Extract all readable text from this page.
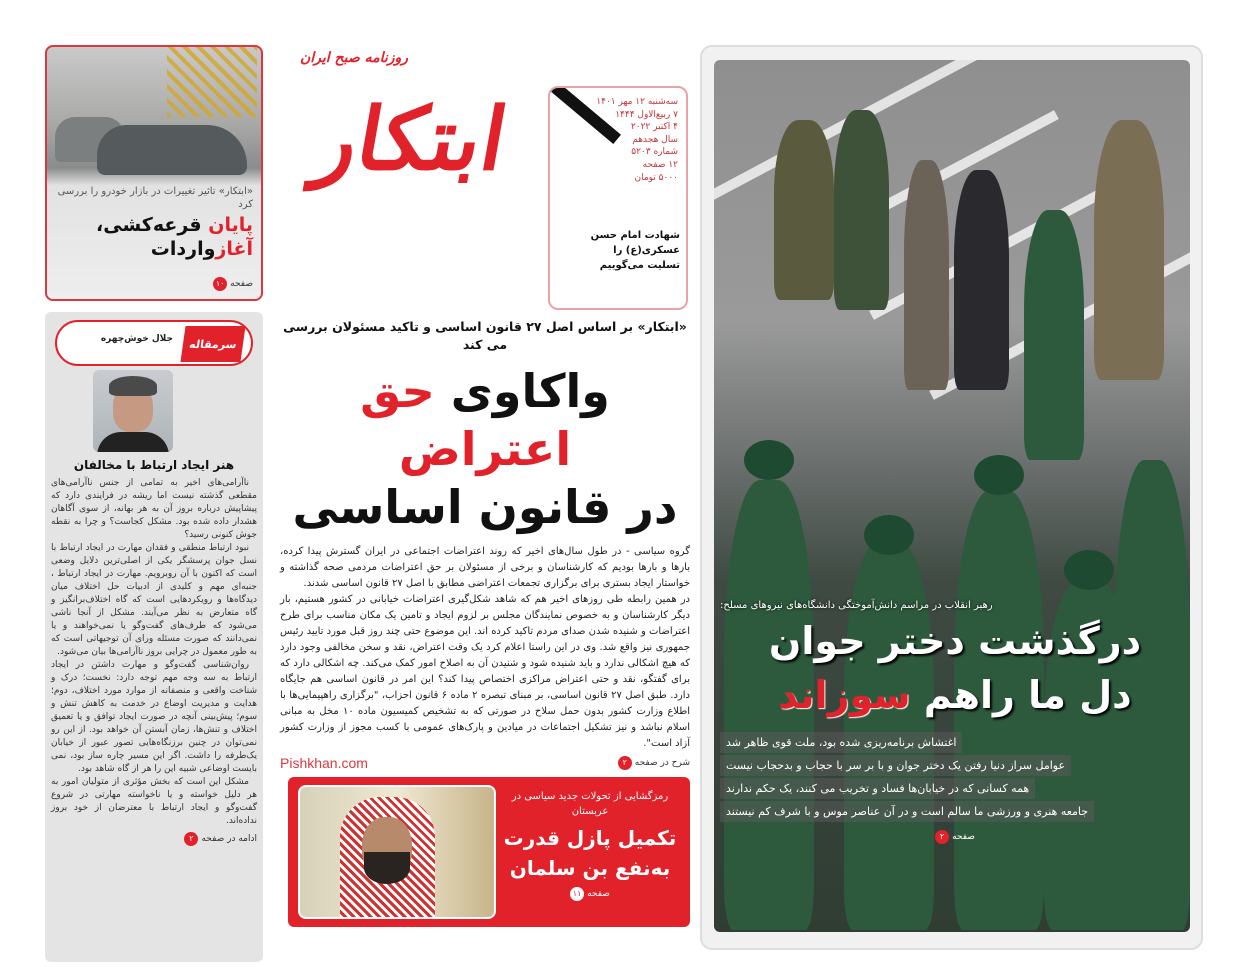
«ابتکار» تاثیر تغییرات در بازار خودرو را بررسی کرد
پایان قرعه‌کشی، آغازواردات
صفحه
۱۰
سرمقاله
جلال خوش‌چهره
هنر ایجاد ارتباط با مخالفان

ناآرامی‌های اخیر به تمامی از جنس ناآرامی‌های مقطعی گذشته نیست اما ریشه در فرایندی دارد که پیشاپیش درباره بروز آن به هر بهانه، از سوی آگاهان هشدار داده شده بود. مشکل کجاست؟ و چرا به نقطه جوش کنونی رسید؟

نبود ارتباط منطقی و فقدان مهارت در ایجاد ارتباط با نسل جوان پرسشگر یکی از اصلی‌ترین دلایل وضعی است که اکنون با آن روبرو‌یم. مهارت در ایجاد ارتباط ، جنبه‌ای مهم و کلیدی از ادبیات حل اختلاف میان دیدگاه‌ها و رویکردهایی است که گاه اختلاف‌برانگیز و گاه متعارض به نظر می‌آیند. مشکل از آنجا ناشی می‌شود که طرف‌های گفت‌وگو یا نمی‌خواهند و یا نمی‌دانند که صورت مسئله ورای آن توجیهاتی است که به طور معمول در چرایی بروز ناآرامی‌ها بیان می‌شود.

روان‌شناسی گفت‌وگو و مهارت داشتن در ایجاد ارتباط به سه وجه مهم توجه دارد: نخست؛ درک و شناخت واقعی و منصفانه از موارد مورد اختلاف، دوم؛ هدایت و مدیریت اوضاع در خدمت به کاهش تنش و سوم؛ پیش‌بینی آنچه در صورت ایجاد توافق و یا تعمیق اختلاف و تنش‌ها، زمان آبستن آن خواهد بود. از این رو نمی‌توان در چنین برزنگاه‌هایی تصور عبور از خیابان یک‌طرفه را داشت. اگر این مسیر چاره ساز بود، نمی بایست اوضاعی شبیه این را هر از گاه شاهد بود.

مشکل این است که بخش مؤثری از متولیان امور به هر دلیل خواسته و یا ناخواسته مهارتی در شروع گفت‌وگو و ایجاد ارتباط با معترضان از خود بروز نداده‌اند.

ادامه در صفحه
۲
روزنامه صبح ایران
ابتکار	سه‌شنبه ۱۲ مهر ۱۴۰۱
۷ ربیع‌الاول ۱۴۴۴
۴ اکتبر ۲۰۲۲
سال هجدهم
شماره ۵۲۰۳
۱۲ صفحه
۵۰۰۰ تومان
شهادت امام حسن عسکری(ع) را
تسلیت می‌گوییم
«ابتکار» بر اساس اصل ۲۷ قانون اساسی و تاکید مسئولان بررسی می کند
واکاوی حق اعتراض
در قانون اساسی

گروه سیاسی - در طول سال‌های اخیر که روند اعتراضات اجتماعی در ایران گسترش پیدا کرده، بارها و بارها بودیم که کارشناسان و برخی از مسئولان بر حق اعتراضات مردمی صحه گذاشته و خواستار ایجاد بستری برای برگزاری تجمعات اعتراضی مطابق با اصل ۲۷ قانون اساسی شدند.

در همین رابطه طی روزهای اخیر هم که شاهد شکل‌گیری اعتراضات خیابانی در کشور هستیم، بار دیگر کارشناسان و به خصوص نمایندگان مجلس بر لزوم ایجاد و تامین یک مکان مناسب برای طرح اعتراضات و شنیده شدن صدای مردم تاکید کرده اند. این موضوع حتی چند روز قبل مورد تایید رئیس جمهوری نیز واقع شد. وی در این راستا اعلام کرد یک وقت اعتراض، نقد و سخن مخالفی وجود دارد که هیچ اشکالی ندارد و باید شنیده شود و شنیدن آن به اصلاح امور کمک می‌کند. چه اشکالی دارد که برای گفتگو، نقد و حتی اعتراض مراکزی اختصاص پیدا کند؟ این امر در قانون اساسی هم جایگاه دارد. طبق اصل ۲۷ قانون اساسی، بر مبنای تبصره ۲ ماده ۶ قانون احزاب، "برگزاری راهپیمایی‌ها با اطلاع وزارت کشور بدون حمل سلاح در صورتی که به تشخیص کمیسیون ماده ۱۰ مخل به مبانی اسلام نباشد و نیز تشکیل اجتماعات در میادین و پارک‌های عمومی با کسب مجوز از وزارت کشور آزاد است".

شرح در صفحه
۲
Pishkhan.com
رمزگشایی از تحولات جدید سیاسی در عربستان
تکمیل پازل قدرت به‌نفع بن سلمان
صفحه
۱۱
رهبر انقلاب در مراسم دانش‌آموختگی دانشگاه‌های نیروهای مسلح:
درگذشت دختر جوان
دل ما راهم سوزاند
اغتشاش برنامه‌ریزی شده بود، ملت قوی ظاهر شد
عوامل سراز دنیا رفتن یک دختر جوان و با بر سر با حجاب و بدحجاب نیست
همه کسانی که در خیابان‌ها فساد و تخریب می کنند، یک حکم ندارند
جامعه هنری و ورزشی ما سالم است و در آن عناصر موس و با شرف کم نیستند
صفحه
۲
